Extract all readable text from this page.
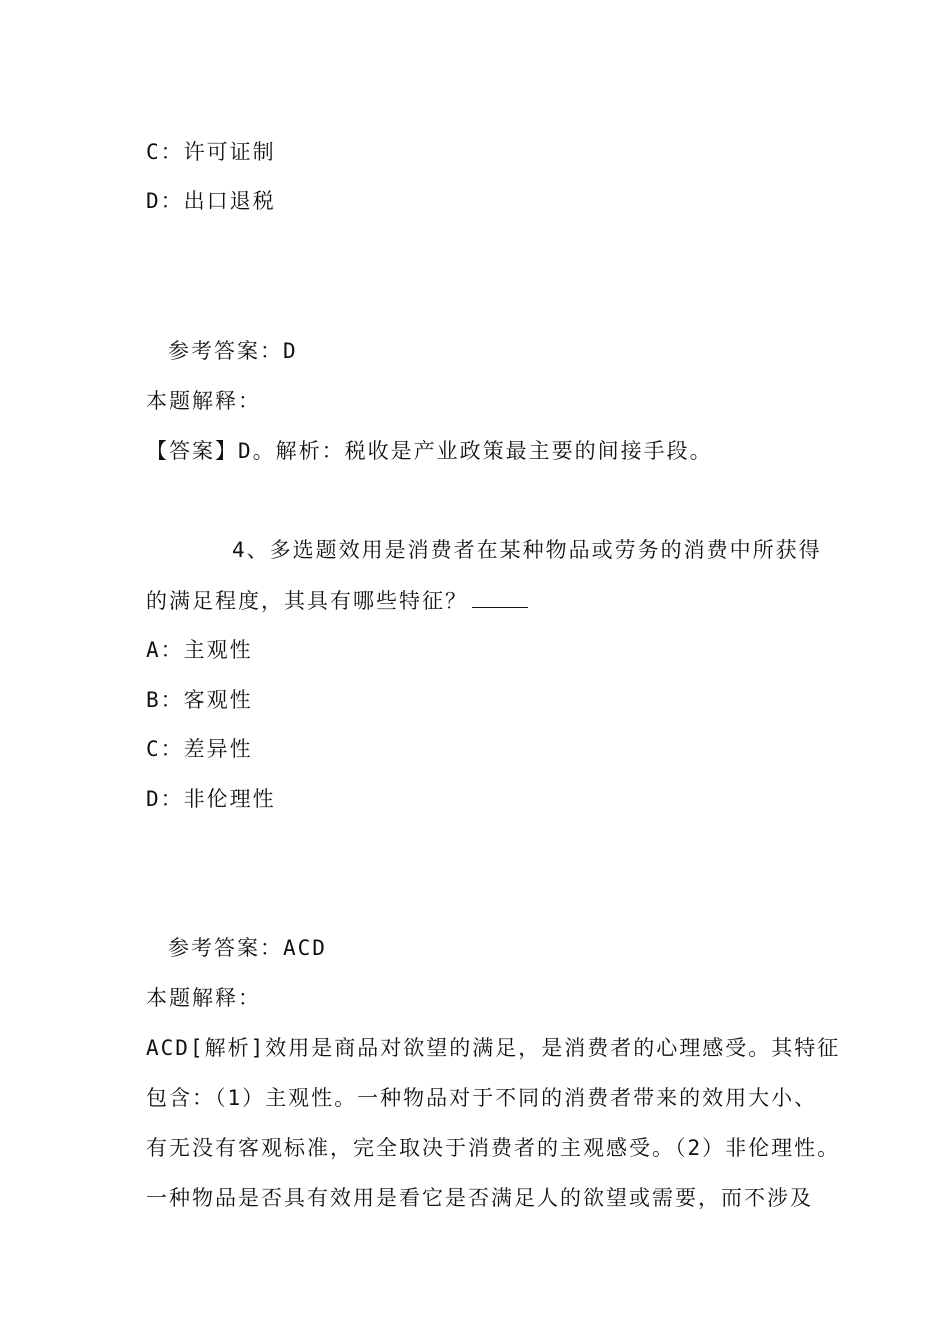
C：许可证制
D：出口退税
参考答案：D
本题解释：
【答案】D。解析：税收是产业政策最主要的间接手段。
4、多选题效用是消费者在某种物品或劳务的消费中所获得
的满足程度，其具有哪些特征？
A：主观性
B：客观性
C：差异性
D：非伦理性
参考答案：ACD
本题解释：
ACD[解析]效用是商品对欲望的满足，是消费者的心理感受。其特征
包含：（1）主观性。一种物品对于不同的消费者带来的效用大小、
有无没有客观标准，完全取决于消费者的主观感受。（2）非伦理性。
一种物品是否具有效用是看它是否满足人的欲望或需要，而不涉及
